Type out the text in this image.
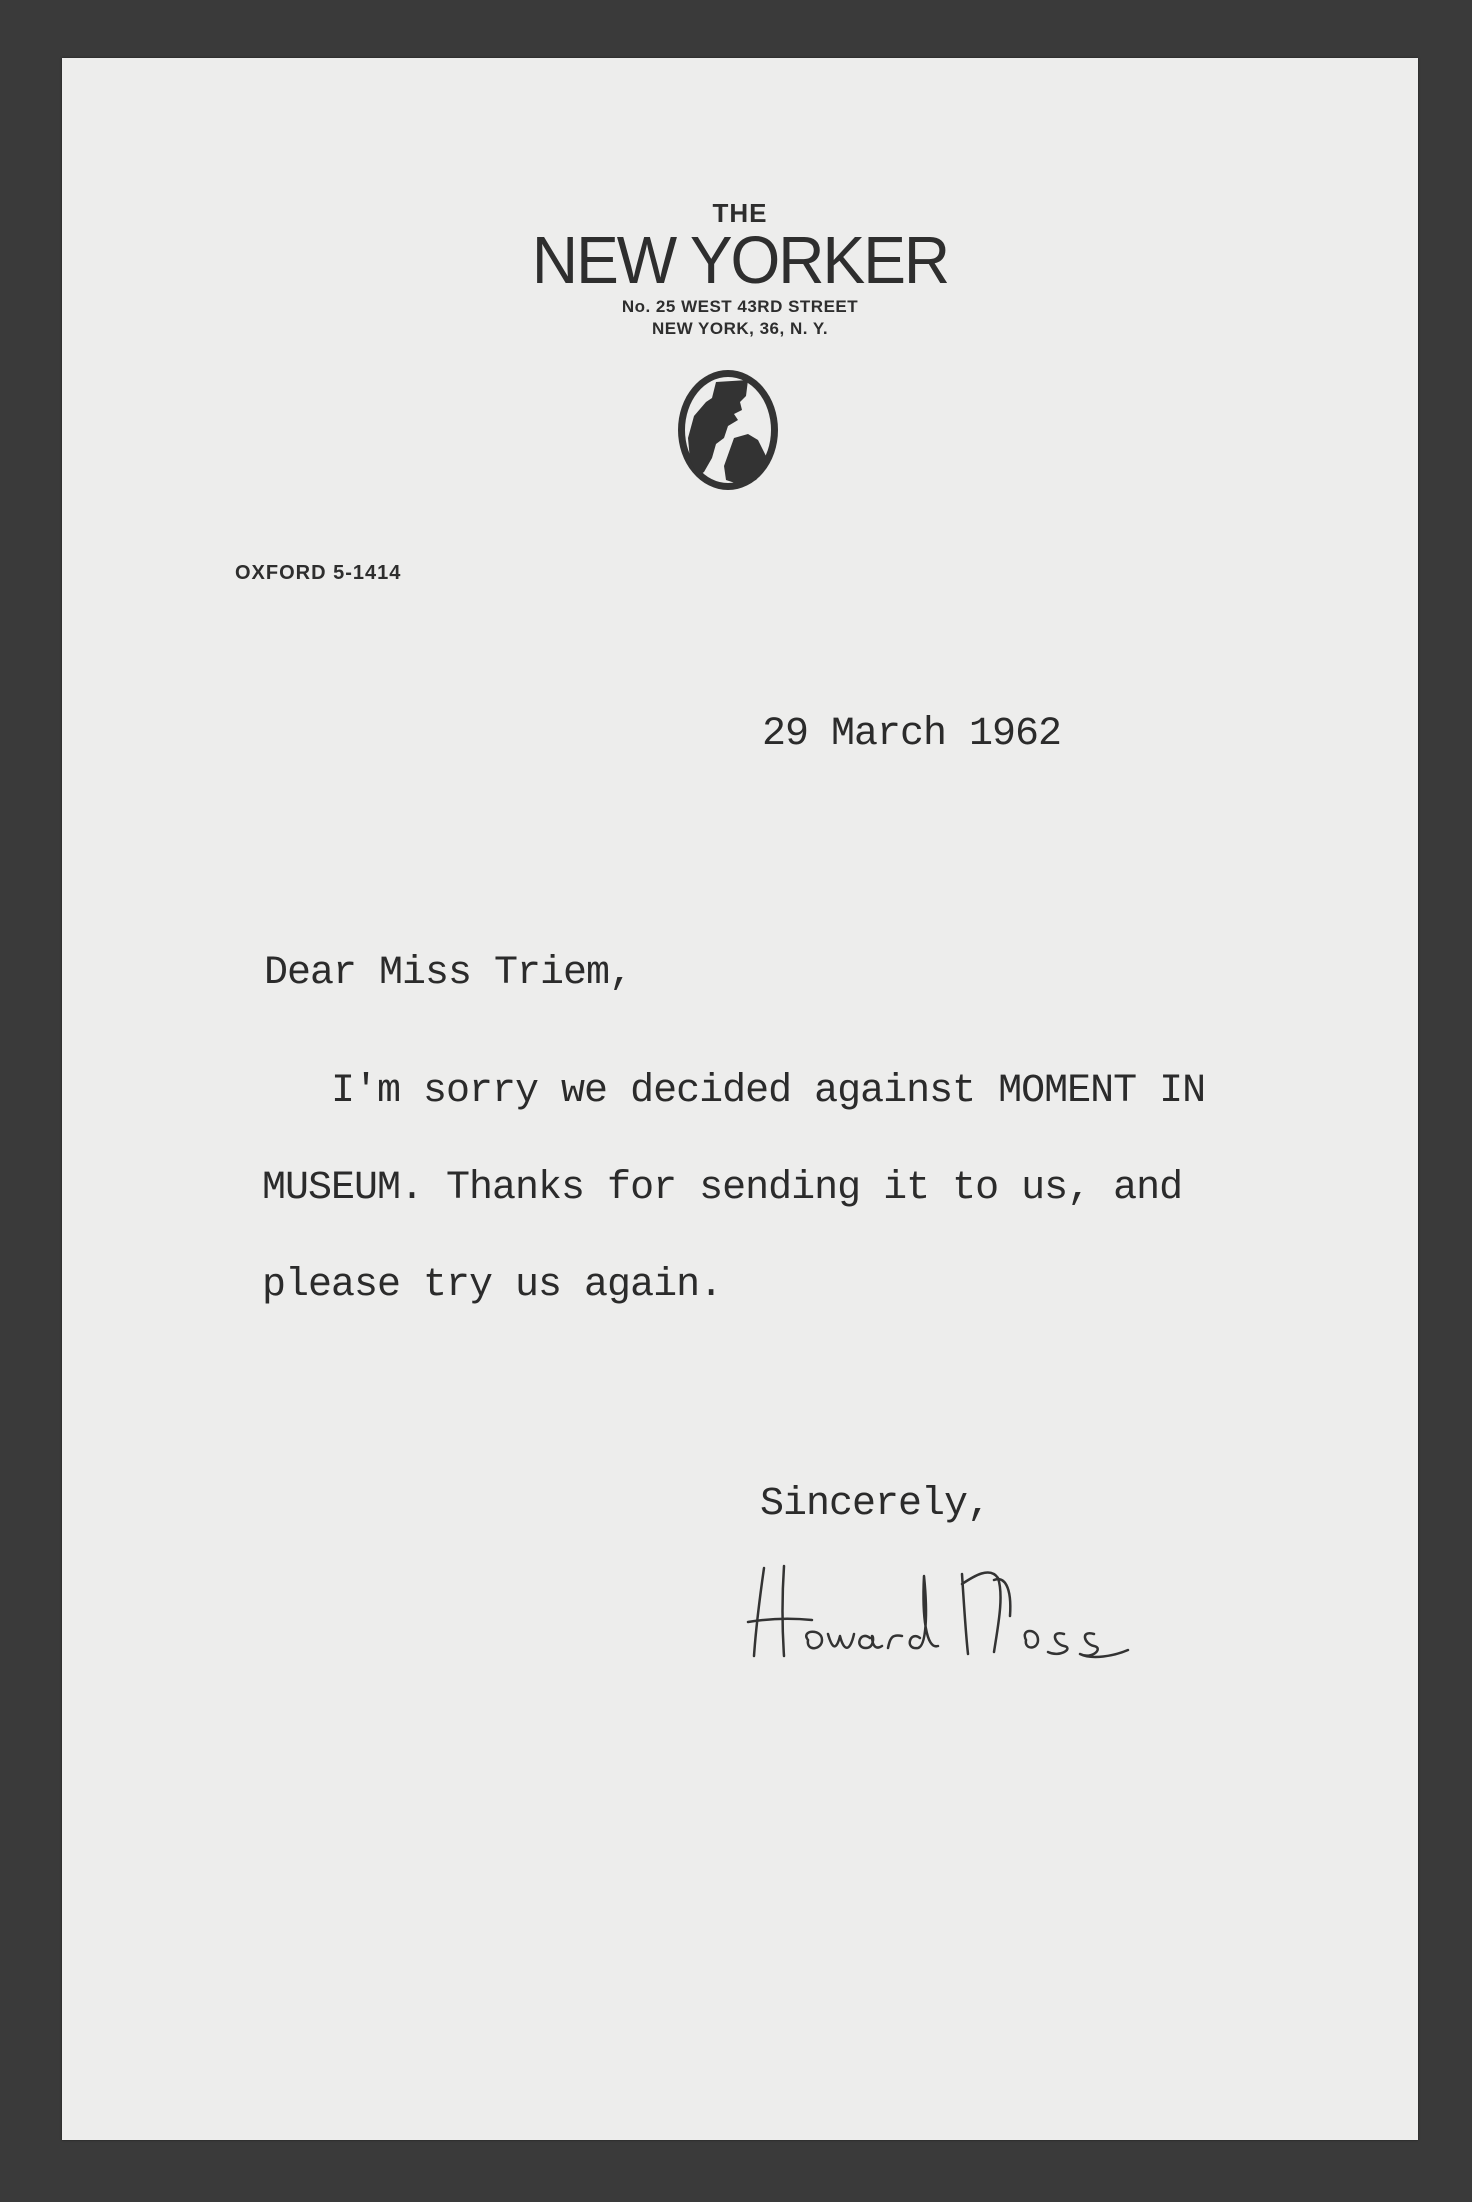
THE
NEW YORKER
No. 25 WEST 43RD STREET
NEW YORK, 36, N. Y.
OXFORD 5-1414
29 March 1962
Dear Miss Triem,
I'm sorry we decided against MOMENT IN
MUSEUM. Thanks for sending it to us, and
please try us again.
Sincerely,
